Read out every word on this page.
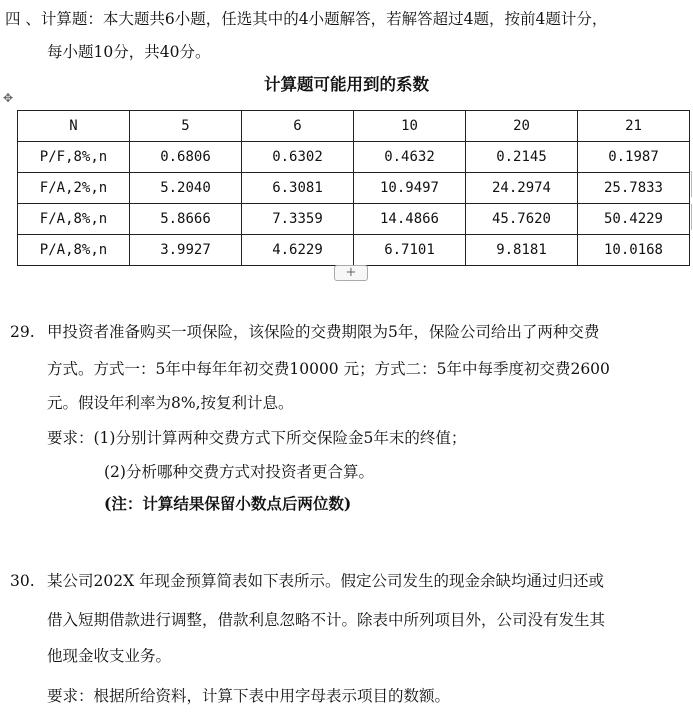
四 、计算题：本大题共6小题，任选其中的4小题解答，若解答超过4题，按前4题计分，
每小题10分，共40分。
计算题可能用到的系数
✥
N	5	6	10	20	21
P/F,8%,n	0.6806	0.6302	0.4632	0.2145	0.1987
F/A,2%,n	5.2040	6.3081	10.9497	24.2974	25.7833
F/A,8%,n	5.8666	7.3359	14.4866	45.7620	50.4229
P/A,8%,n	3.9927	4.6229	6.7101	9.8181	10.0168
+
29. 甲投资者准备购买一项保险，该保险的交费期限为5年，保险公司给出了两种交费
方式。方式一：5年中每年年初交费10000 元；方式二：5年中每季度初交费2600
元。假设年利率为8%,按复利计息。
要求：(1)分别计算两种交费方式下所交保险金5年末的终值；
(2)分析哪种交费方式对投资者更合算。
(注：计算结果保留小数点后两位数)
30. 某公司202X 年现金预算简表如下表所示。假定公司发生的现金余缺均通过归还或
借入短期借款进行调整，借款利息忽略不计。除表中所列项目外，公司没有发生其
他现金收支业务。
要求：根据所给资料，计算下表中用字母表示项目的数额。
